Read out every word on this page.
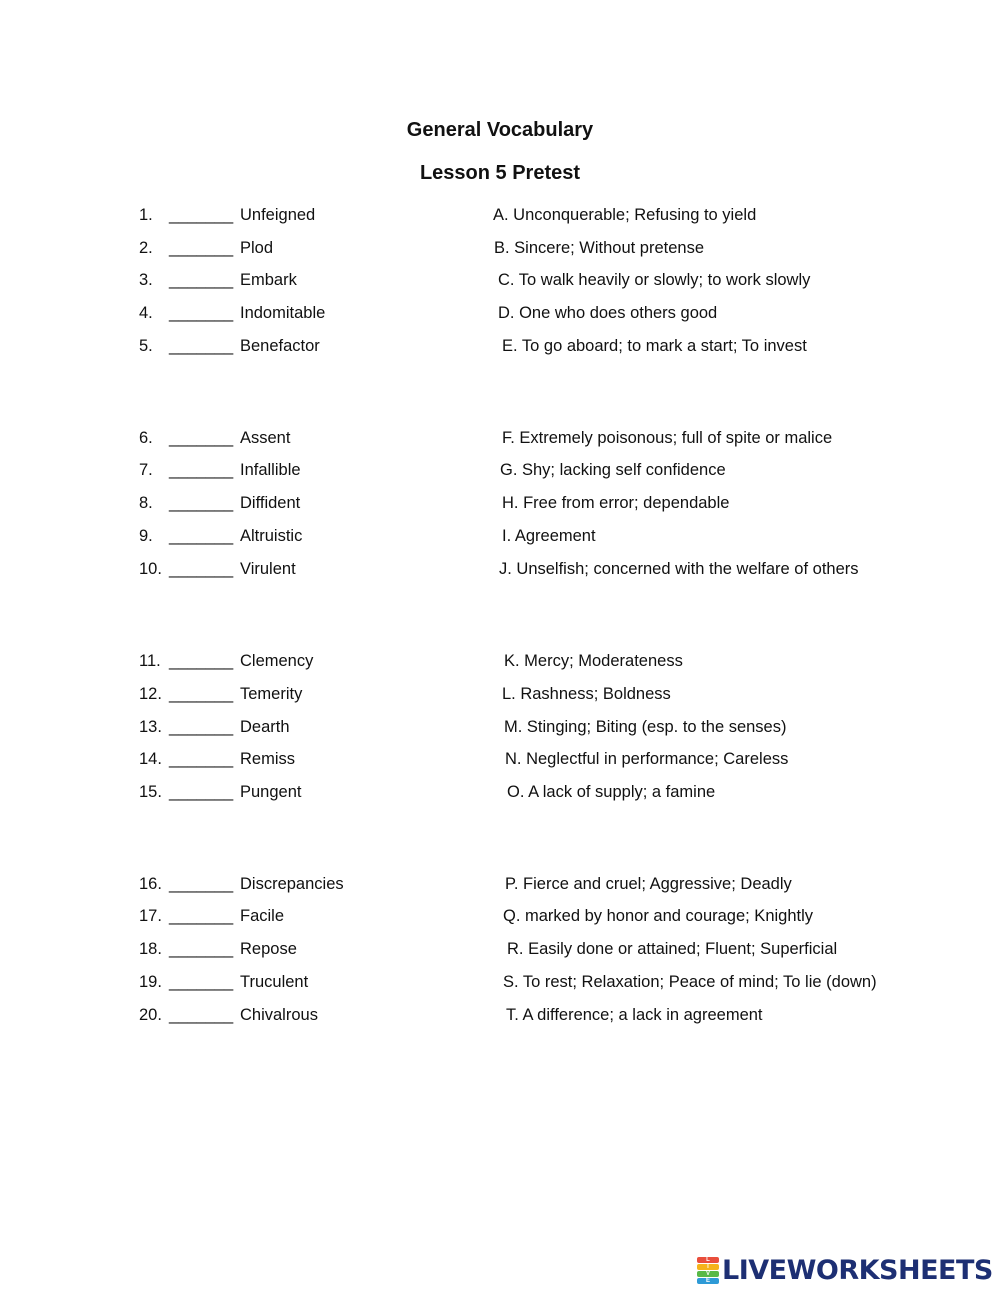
General Vocabulary
Lesson 5 Pretest
1. _______ Unfeigned	A. Unconquerable; Refusing to yield
2. _______ Plod	B. Sincere; Without pretense
3. _______ Embark	C. To walk heavily or slowly; to work slowly
4. _______ Indomitable	D. One who does others good
5. _______ Benefactor	E. To go aboard; to mark a start; To invest
6. _______ Assent	F. Extremely poisonous; full of spite or malice
7. _______ Infallible	G. Shy; lacking self confidence
8. _______ Diffident	H. Free from error; dependable
9. _______ Altruistic	I. Agreement
10. _______ Virulent	J. Unselfish; concerned with the welfare of others
11. _______ Clemency	K. Mercy; Moderateness
12. _______ Temerity	L. Rashness; Boldness
13. _______ Dearth	M. Stinging; Biting (esp. to the senses)
14. _______ Remiss	N. Neglectful in performance; Careless
15. _______ Pungent	O. A lack of supply; a famine
16. _______ Discrepancies	P. Fierce and cruel; Aggressive; Deadly
17. _______ Facile	Q. marked by honor and courage; Knightly
18. _______ Repose	R. Easily done or attained; Fluent; Superficial
19. _______ Truculent	S. To rest; Relaxation; Peace of mind; To lie (down)
20. _______ Chivalrous	T. A difference; a lack in agreement
L
I
V
E LIVEWORKSHEETS
